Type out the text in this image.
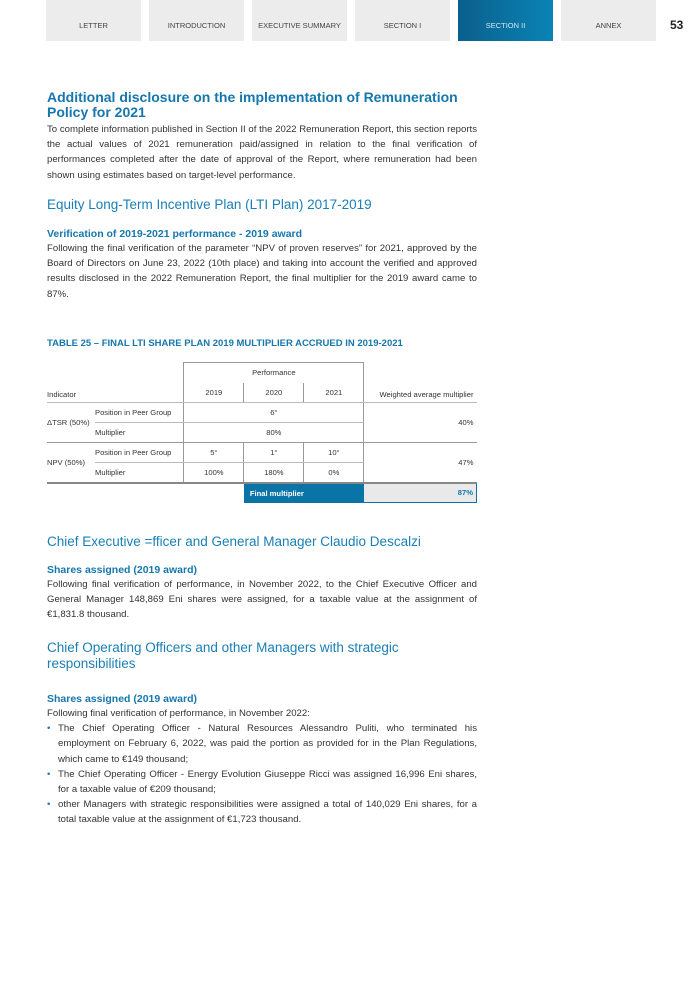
LETTER	INTRODUCTION	EXECUTIVE SUMMARY	SECTION I	SECTION II	ANNEX	53
Additional disclosure on the implementation of Remuneration Policy for 2021

To complete information published in Section II of the 2022 Remuneration Report, this section reports the actual values of 2021 remuneration paid/assigned in relation to the final verification of performances completed after the date of approval of the Report, where remuneration had been shown using estimates based on target-level performance.

Equity Long-Term Incentive Plan (LTI Plan) 2017-2019
Verification of 2019-2021 performance - 2019 award

Following the final verification of the parameter “NPV of proven reserves” for 2021, approved by the Board of Directors on June 23, 2022 (10th place) and taking into account the verified and approved results disclosed in the 2022 Remuneration Report, the final multiplier for the 2019 award came to 87%.

TABLE 25 – FINAL LTI SHARE PLAN 2019 MULTIPLIER ACCRUED IN 2019-2021
Indicator		Performance			Weighted average multiplier
		2019	2020	2021	
ΔTSR (50%)	Position in Peer Group	6°			40%
	Multiplier	80%			
NPV (50%)	Position in Peer Group	5°	1°	10°	47%
	Multiplier	100%	180%	0%	
			Final multiplier		87%
Chief Executive =fficer and General Manager Claudio Descalzi
Shares assigned (2019 award)

Following final verification of performance, in November 2022, to the Chief Executive Officer and General Manager 148,869 Eni shares were assigned, for a taxable value at the assignment of €1,831.8 thousand.

Chief Operating Officers and other Managers with strategic responsibilities
Shares assigned (2019 award)

Following final verification of performance, in November 2022:

• The Chief Operating Officer - Natural Resources Alessandro Puliti, who terminated his employment on February 6, 2022, was paid the portion as provided for in the Plan Regulations, which came to €149 thousand;
• The Chief Operating Officer - Energy Evolution Giuseppe Ricci was assigned 16,996 Eni shares, for a taxable value of €209 thousand;
• other Managers with strategic responsibilities were assigned a total of 140,029 Eni shares, for a total taxable value at the assignment of €1,723 thousand.
